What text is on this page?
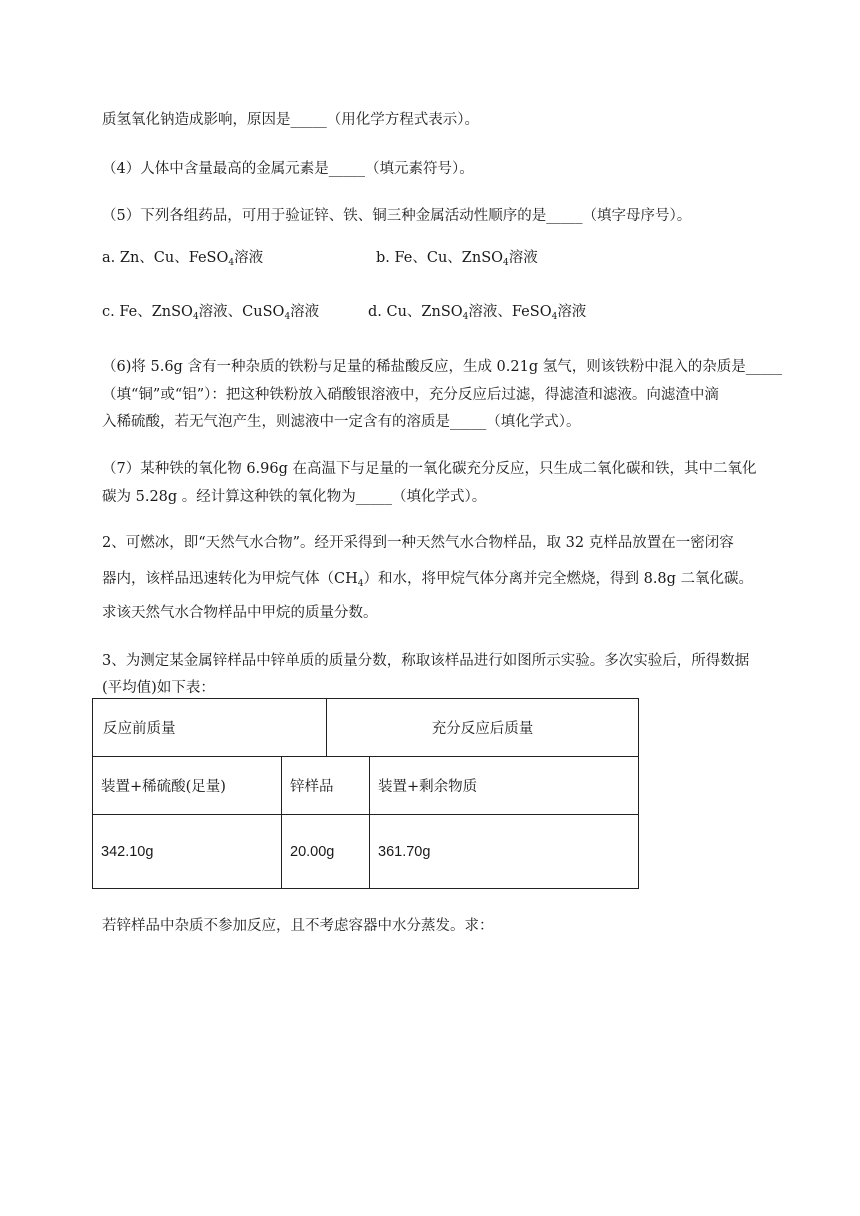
质氢氧化钠造成影响，原因是_____（用化学方程式表示）。
（4）人体中含量最高的金属元素是_____（填元素符号）。
（5）下列各组药品，可用于验证锌、铁、铜三种金属活动性顺序的是_____（填字母序号）。
a. Zn、Cu、FeSO$_4$溶液	b. Fe、Cu、ZnSO$_4$溶液
c. Fe、ZnSO$_4$溶液、CuSO$_4$溶液	d. Cu、ZnSO$_4$溶液、FeSO$_4$溶液
（6)将 5.6g 含有一种杂质的铁粉与足量的稀盐酸反应，生成 0.21g 氢气，则该铁粉中混入的杂质是_____
（填“铜”或“铝”）：把这种铁粉放入硝酸银溶液中，充分反应后过滤，得滤渣和滤液。向滤渣中滴
入稀硫酸，若无气泡产生，则滤液中一定含有的溶质是_____（填化学式）。
（7）某种铁的氧化物 6.96g 在高温下与足量的一氧化碳充分反应，只生成二氧化碳和铁，其中二氧化
碳为 5.28g 。经计算这种铁的氧化物为_____（填化学式）。
2、可燃冰，即“天然气水合物”。经开采得到一种天然气水合物样品，取 32 克样品放置在一密闭容
器内，该样品迅速转化为甲烷气体$(CH_4)$和水，将甲烷气体分离并完全燃烧，得到 8.8g 二氧化碳。
求该天然气水合物样品中甲烷的质量分数。
3、为测定某金属锌样品中锌单质的质量分数，称取该样品进行如图所示实验。多次实验后，所得数据
(平均值)如下表：
反应前质量		充分反应后质量	
装置+稀硫酸(足量)	锌样品		装置+剩余物质
342.10g	20.00g		361.70g
若锌样品中杂质不参加反应，且不考虑容器中水分蒸发。求：
